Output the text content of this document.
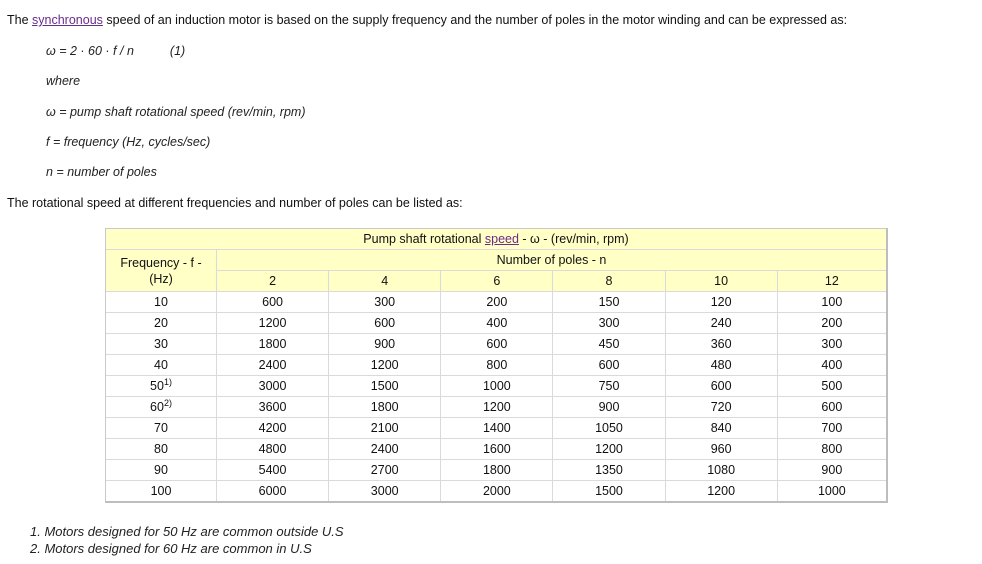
The synchronous speed of an induction motor is based on the supply frequency and the number of poles in the motor winding and can be expressed as:
ω = 2 · 60 · f / n	(1)
where
ω = pump shaft rotational speed (rev/min, rpm)
f = frequency (Hz, cycles/sec)
n = number of poles
The rotational speed at different frequencies and number of poles can be listed as:
Pump shaft rotational speed - ω - (rev/min, rpm)						

Frequency - f -
(Hz)	Number of poles - n					
	2	4	6	8	10	12
10	600	300	200	150	120	100
20	1200	600	400	300	240	200
30	1800	900	600	450	360	300
40	2400	1200	800	600	480	400
50$^{1)}$	3000	1500	1000	750	600	500
60$^{2)}$	3600	1800	1200	900	720	600
70	4200	2100	1400	1050	840	700
80	4800	2400	1600	1200	960	800
90	5400	2700	1800	1350	1080	900
100	6000	3000	2000	1500	1200	1000
1. Motors designed for 50 Hz are common outside U.S
2. Motors designed for 60 Hz are common in U.S
